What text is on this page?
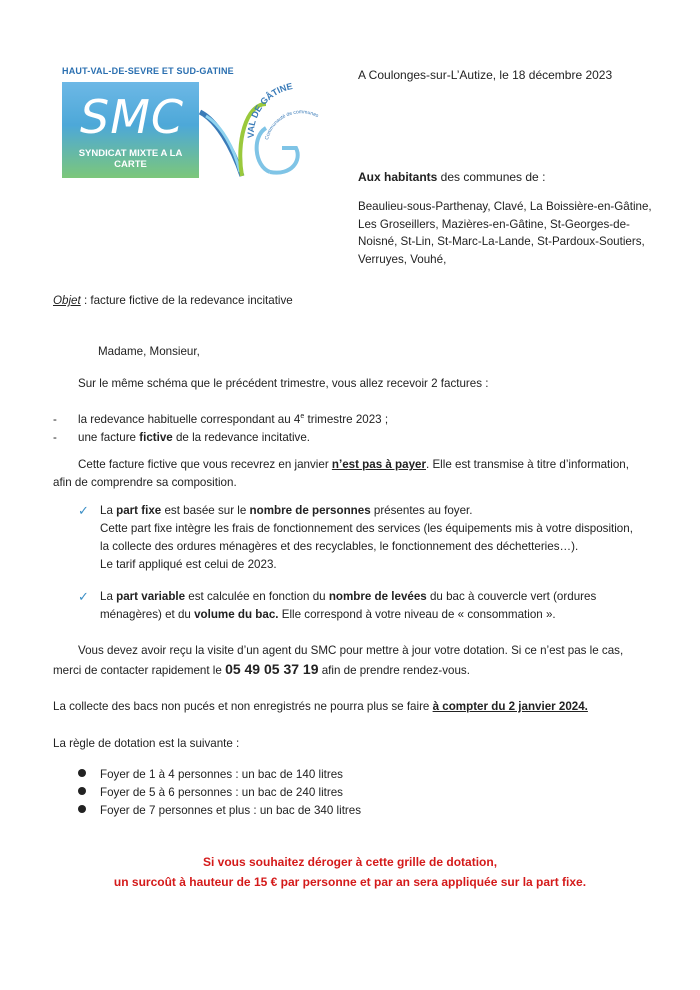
HAUT-VAL-DE-SEVRE ET SUD-GATINE
SMC
SYNDICAT MIXTE A LA CARTE
VAL DE GÂTINE
Communauté de communes
A Coulonges-sur-L’Autize, le 18 décembre 2023
Aux habitants des communes de :
Beaulieu-sous-Parthenay, Clavé, La Boissière-en-Gâtine,
Les Groseillers, Mazières-en-Gâtine, St-Georges-de-
Noisné, St-Lin, St-Marc-La-Lande, St-Pardoux-Soutiers,
Verruyes, Vouhé,
Objet : facture fictive de la redevance incitative
Madame, Monsieur,
Sur le même schéma que le précédent trimestre, vous allez recevoir 2 factures :
- la redevance habituelle correspondant au 4e trimestre 2023 ;
- une facture fictive de la redevance incitative.
Cette facture fictive que vous recevrez en janvier n’est pas à payer. Elle est transmise à titre d’information,
afin de comprendre sa composition.
✓ La part fixe est basée sur le nombre de personnes présentes au foyer.
Cette part fixe intègre les frais de fonctionnement des services (les équipements mis à votre disposition,
la collecte des ordures ménagères et des recyclables, le fonctionnement des déchetteries…).
Le tarif appliqué est celui de 2023.
✓ La part variable est calculée en fonction du nombre de levées du bac à couvercle vert (ordures
ménagères) et du volume du bac. Elle correspond à votre niveau de « consommation ».
Vous devez avoir reçu la visite d’un agent du SMC pour mettre à jour votre dotation. Si ce n’est pas le cas,
merci de contacter rapidement le 05 49 05 37 19 afin de prendre rendez-vous.
La collecte des bacs non pucés et non enregistrés ne pourra plus se faire à compter du 2 janvier 2024.
La règle de dotation est la suivante :
Foyer de 1 à 4 personnes : un bac de 140 litres
Foyer de 5 à 6 personnes : un bac de 240 litres
Foyer de 7 personnes et plus : un bac de 340 litres
Si vous souhaitez déroger à cette grille de dotation,
un surcoût à hauteur de 15 € par personne et par an sera appliquée sur la part fixe.
